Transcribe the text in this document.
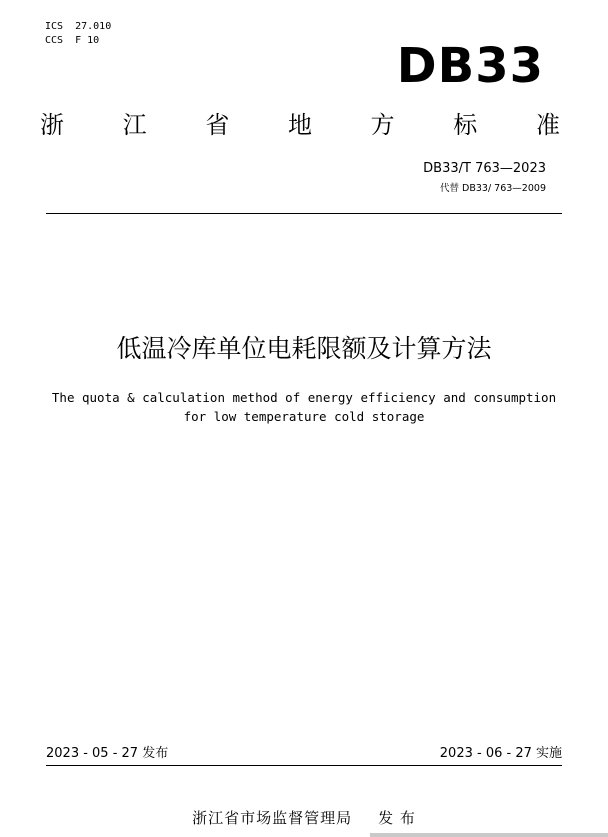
ICS  27.010
CCS  F 10	DB33
浙 江 省 地 方 标 准
DB33/T 763—2023
代替 DB33/ 763—2009
低温冷库单位电耗限额及计算方法
The quota & calculation method of energy efficiency and consumption
for low temperature cold storage
2023 - 05 - 27 发布	2023 - 06 - 27 实施
浙江省市场监督管理局 发 布
